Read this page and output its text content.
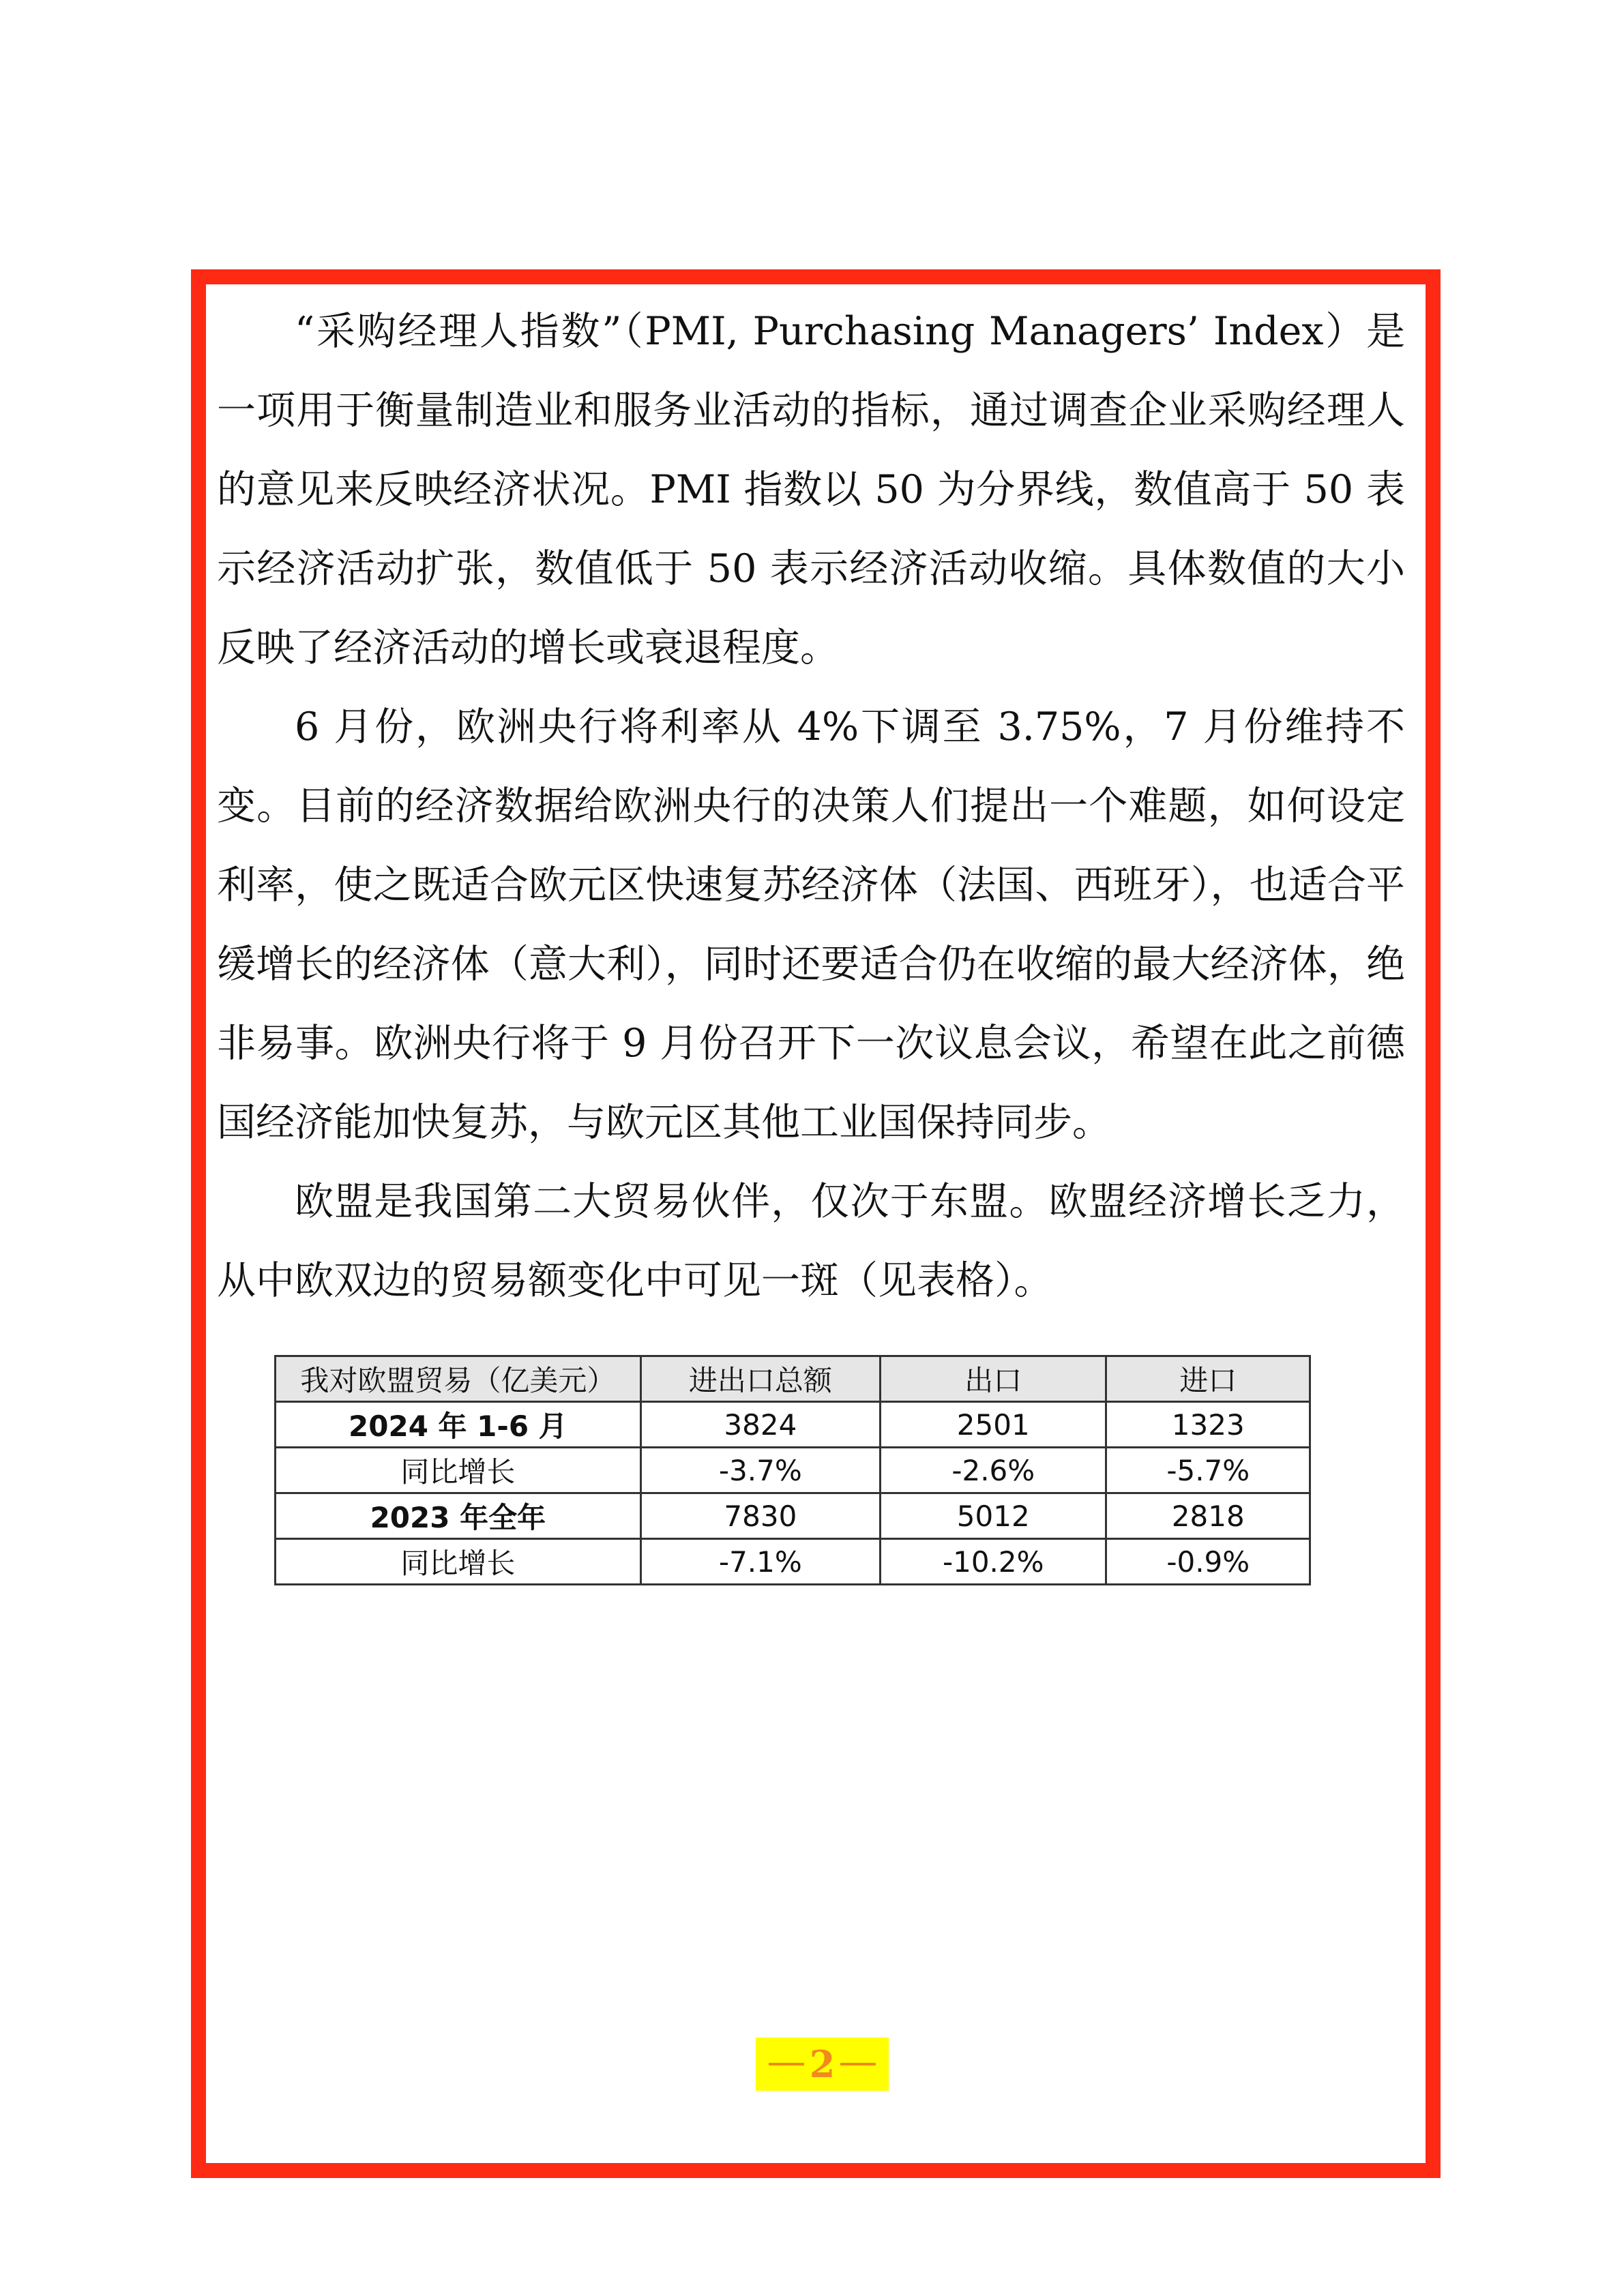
“采购经理人指数”（PMI, Purchasing Managers’ Index）是一项用于衡量制造业和服务业活动的指标，通过调查企业采购经理人的意见来反映经济状况。PMI 指数以 50 为分界线，数值高于 50 表示经济活动扩张，数值低于 50 表示经济活动收缩。具体数值的大小反映了经济活动的增长或衰退程度。

6 月份，欧洲央行将利率从 4%下调至 3.75%，7 月份维持不变。目前的经济数据给欧洲央行的决策人们提出一个难题，如何设定利率，使之既适合欧元区快速复苏经济体（法国、西班牙），也适合平缓增长的经济体（意大利），同时还要适合仍在收缩的最大经济体，绝非易事。欧洲央行将于 9 月份召开下一次议息会议，希望在此之前德国经济能加快复苏，与欧元区其他工业国保持同步。

欧盟是我国第二大贸易伙伴，仅次于东盟。欧盟经济增长乏力，从中欧双边的贸易额变化中可见一斑（见表格）。

我对欧盟贸易（亿美元）	进出口总额	出口	进口
2024 年 1-6 月	3824	2501	1323
同比增长	-3.7%	-2.6%	-5.7%
2023 年全年	7830	5012	2818
同比增长	-7.1%	-10.2%	-0.9%
2
